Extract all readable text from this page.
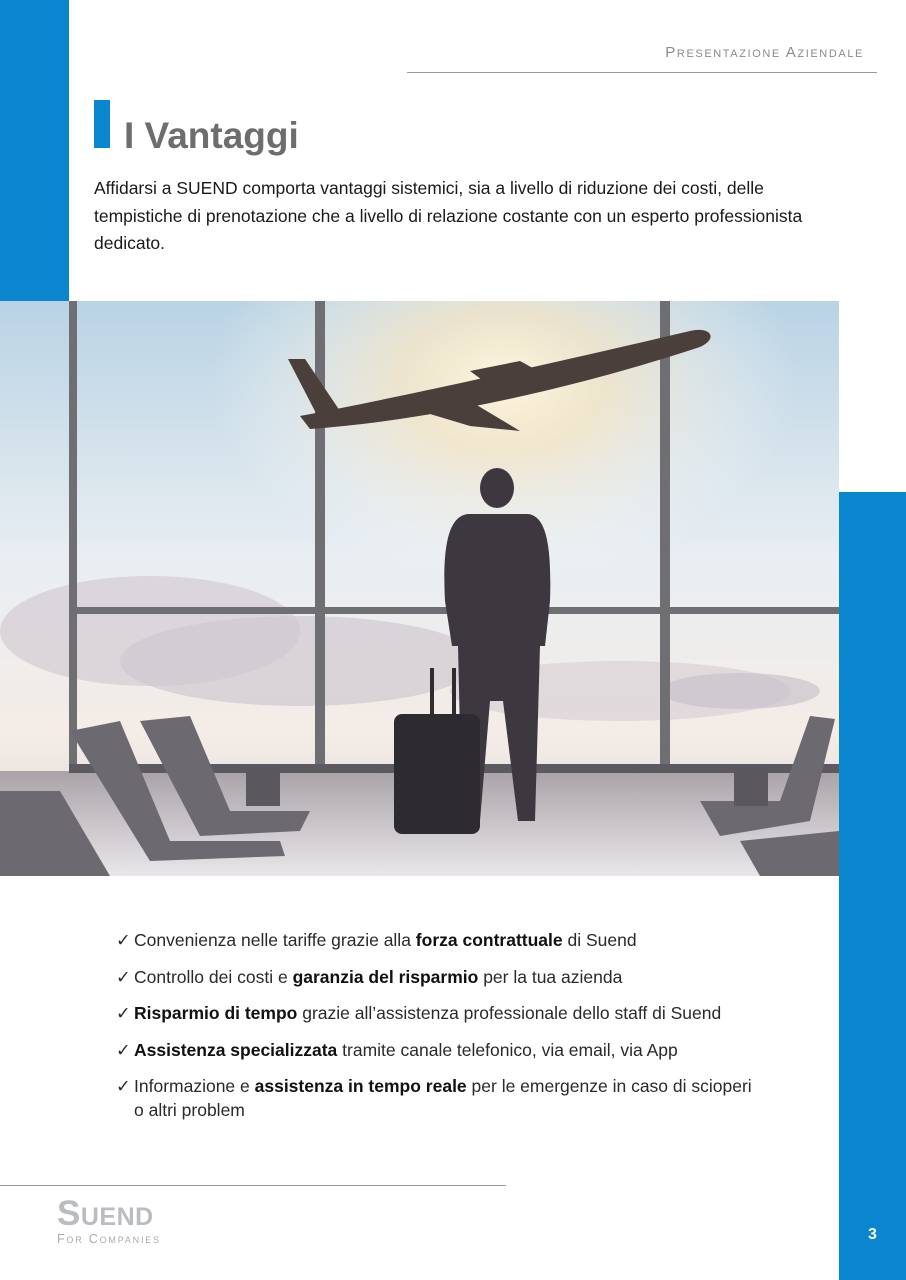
Presentazione Aziendale
I Vantaggi

Affidarsi a SUEND comporta vantaggi sistemici, sia a livello di riduzione dei costi, delle tempistiche di prenotazione che a livello di relazione costante con un esperto professionista dedicato.

✓ Convenienza nelle tariffe grazie alla forza contrattuale di Suend
✓ Controllo dei costi e garanzia del risparmio per la tua azienda
✓ Risparmio di tempo grazie all’assistenza professionale dello staff di Suend
✓ Assistenza specializzata tramite canale telefonico, via email, via App
✓ Informazione e assistenza in tempo reale per le emergenze in caso di scioperi o altri problem
Suend
For Companies	3
